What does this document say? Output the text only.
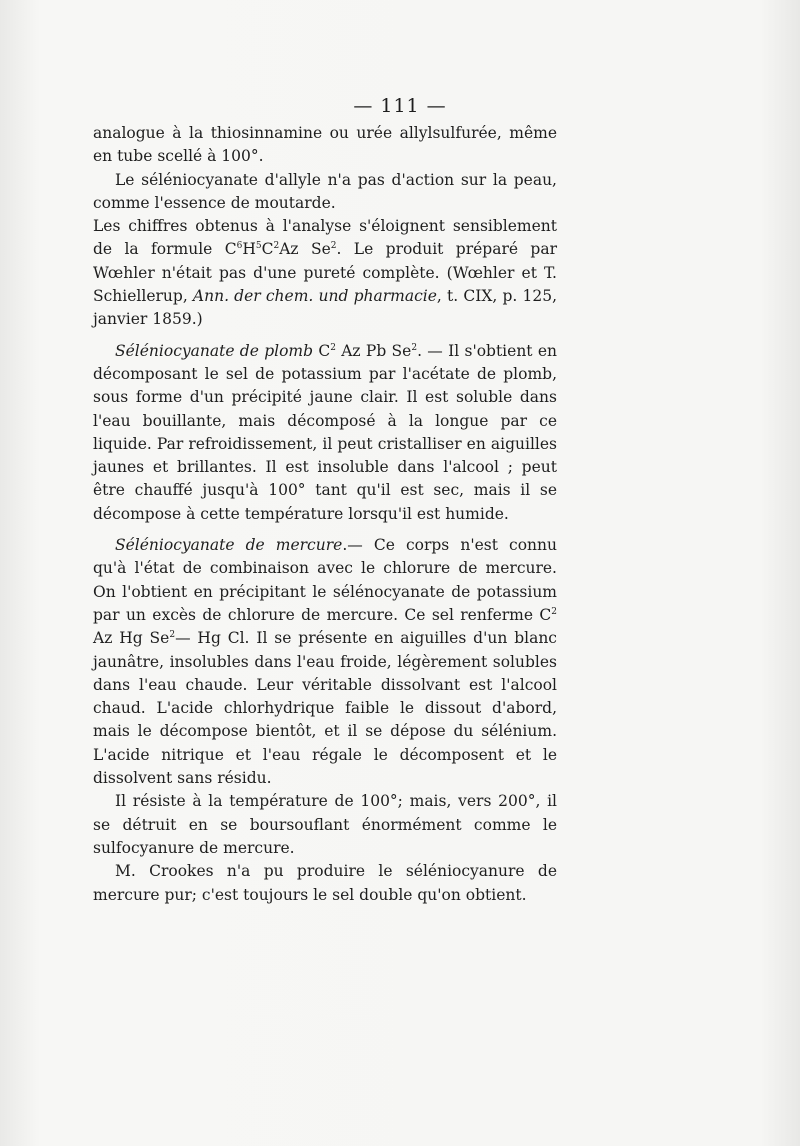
— 111 —

analogue à la thiosinnamine ou urée allylsulfurée, même en tube scellé à 100°.

Le séléniocyanate d'allyle n'a pas d'action sur la peau, comme l'essence de moutarde.

Les chiffres obtenus à l'analyse s'éloignent sensiblement de la formule $C^6H^5C^2Az$ Se$^2$. Le produit préparé par Wœhler n'était pas d'une pureté complète. (Wœhler et T. Schiellerup, Ann. der chem. und pharmacie, t. CIX, p. 125, janvier 1859.)

Séléniocyanate de plomb $C^2$ Az Pb Se$^2$. — Il s'obtient en décomposant le sel de potassium par l'acétate de plomb, sous forme d'un précipité jaune clair. Il est soluble dans l'eau bouillante, mais décomposé à la longue par ce liquide. Par refroidissement, il peut cristalliser en aiguilles jaunes et brillantes. Il est insoluble dans l'alcool ; peut être chauffé jusqu'à 100° tant qu'il est sec, mais il se décompose à cette température lorsqu'il est humide.

Séléniocyanate de mercure.— Ce corps n'est connu qu'à l'état de combinaison avec le chlorure de mercure. On l'obtient en précipitant le sélénocyanate de potassium par un excès de chlorure de mercure. Ce sel renferme $C^2$ Az Hg Se$^2$— Hg Cl. Il se présente en aiguilles d'un blanc jaunâtre, insolubles dans l'eau froide, légèrement solubles dans l'eau chaude. Leur véritable dissolvant est l'alcool chaud. L'acide chlorhydrique faible le dissout d'abord, mais le décompose bientôt, et il se dépose du sélénium. L'acide nitrique et l'eau régale le décomposent et le dissolvent sans résidu.

Il résiste à la température de 100°; mais, vers 200°, il se détruit en se boursouflant énormément comme le sulfocyanure de mercure.

M. Crookes n'a pu produire le séléniocyanure de mercure pur; c'est toujours le sel double qu'on obtient.
